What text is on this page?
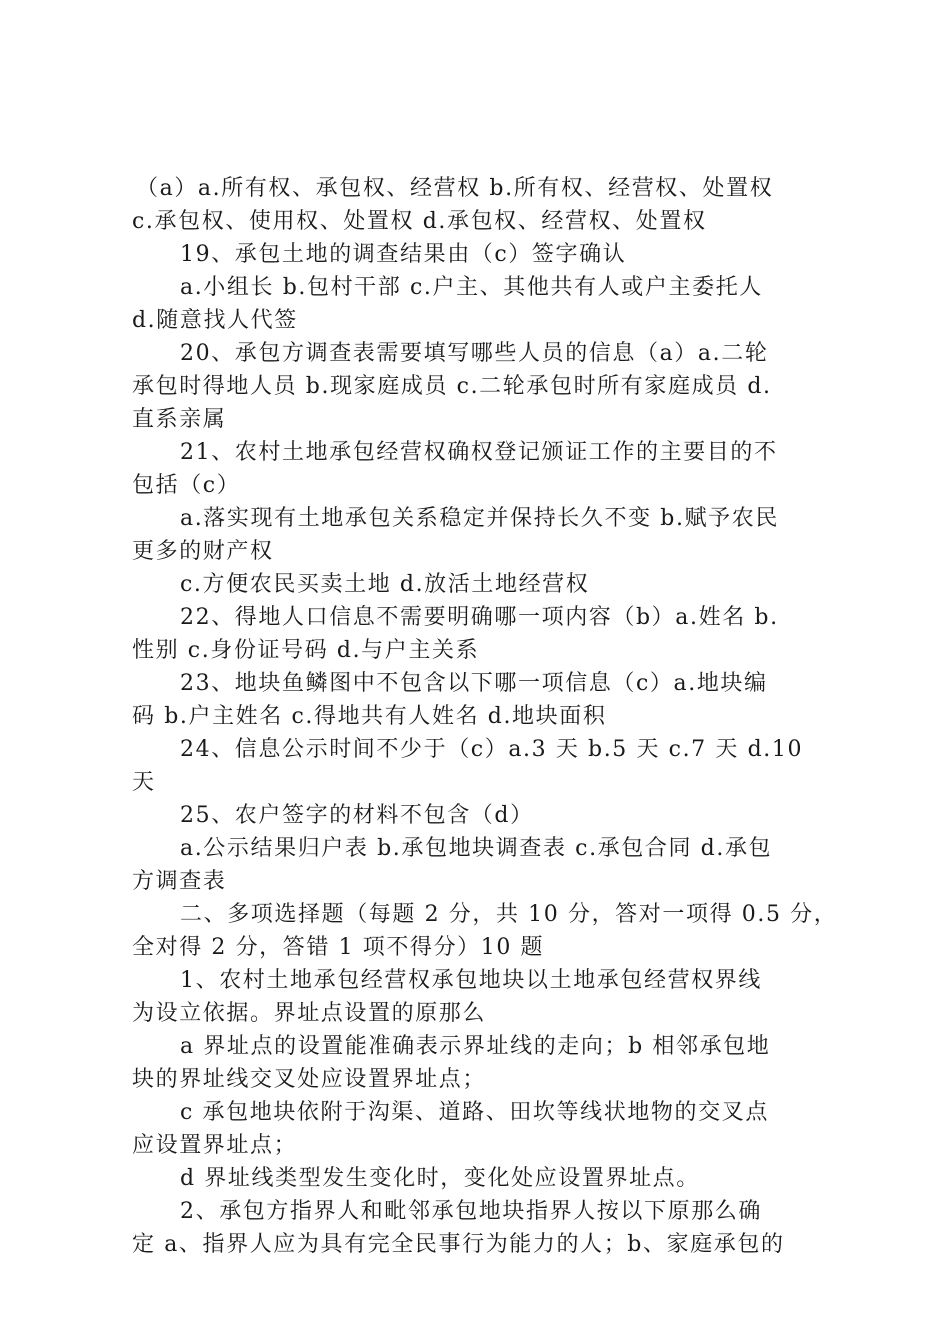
（a）a.所有权、承包权、经营权 b.所有权、经营权、处置权
c.承包权、使用权、处置权 d.承包权、经营权、处置权
19、承包土地的调查结果由（c）签字确认
a.小组长 b.包村干部 c.户主、其他共有人或户主委托人
d.随意找人代签
20、承包方调查表需要填写哪些人员的信息（a）a.二轮
承包时得地人员 b.现家庭成员 c.二轮承包时所有家庭成员 d.
直系亲属
21、农村土地承包经营权确权登记颁证工作的主要目的不
包括（c）
a.落实现有土地承包关系稳定并保持长久不变 b.赋予农民
更多的财产权
c.方便农民买卖土地 d.放活土地经营权
22、得地人口信息不需要明确哪一项内容（b）a.姓名 b.
性别 c.身份证号码 d.与户主关系
23、地块鱼鳞图中不包含以下哪一项信息（c）a.地块编
码 b.户主姓名 c.得地共有人姓名 d.地块面积
24、信息公示时间不少于（c）a.3 天 b.5 天 c.7 天 d.10
天
25、农户签字的材料不包含（d）
a.公示结果归户表 b.承包地块调查表 c.承包合同 d.承包
方调查表
二、多项选择题（每题 2 分，共 10 分，答对一项得 0.5 分，
全对得 2 分，答错 1 项不得分）10 题
1、农村土地承包经营权承包地块以土地承包经营权界线
为设立依据。界址点设置的原那么
a 界址点的设置能准确表示界址线的走向；b 相邻承包地
块的界址线交叉处应设置界址点；
c 承包地块依附于沟渠、道路、田坎等线状地物的交叉点
应设置界址点；
d 界址线类型发生变化时，变化处应设置界址点。
2、承包方指界人和毗邻承包地块指界人按以下原那么确
定 a、指界人应为具有完全民事行为能力的人；b、家庭承包的
